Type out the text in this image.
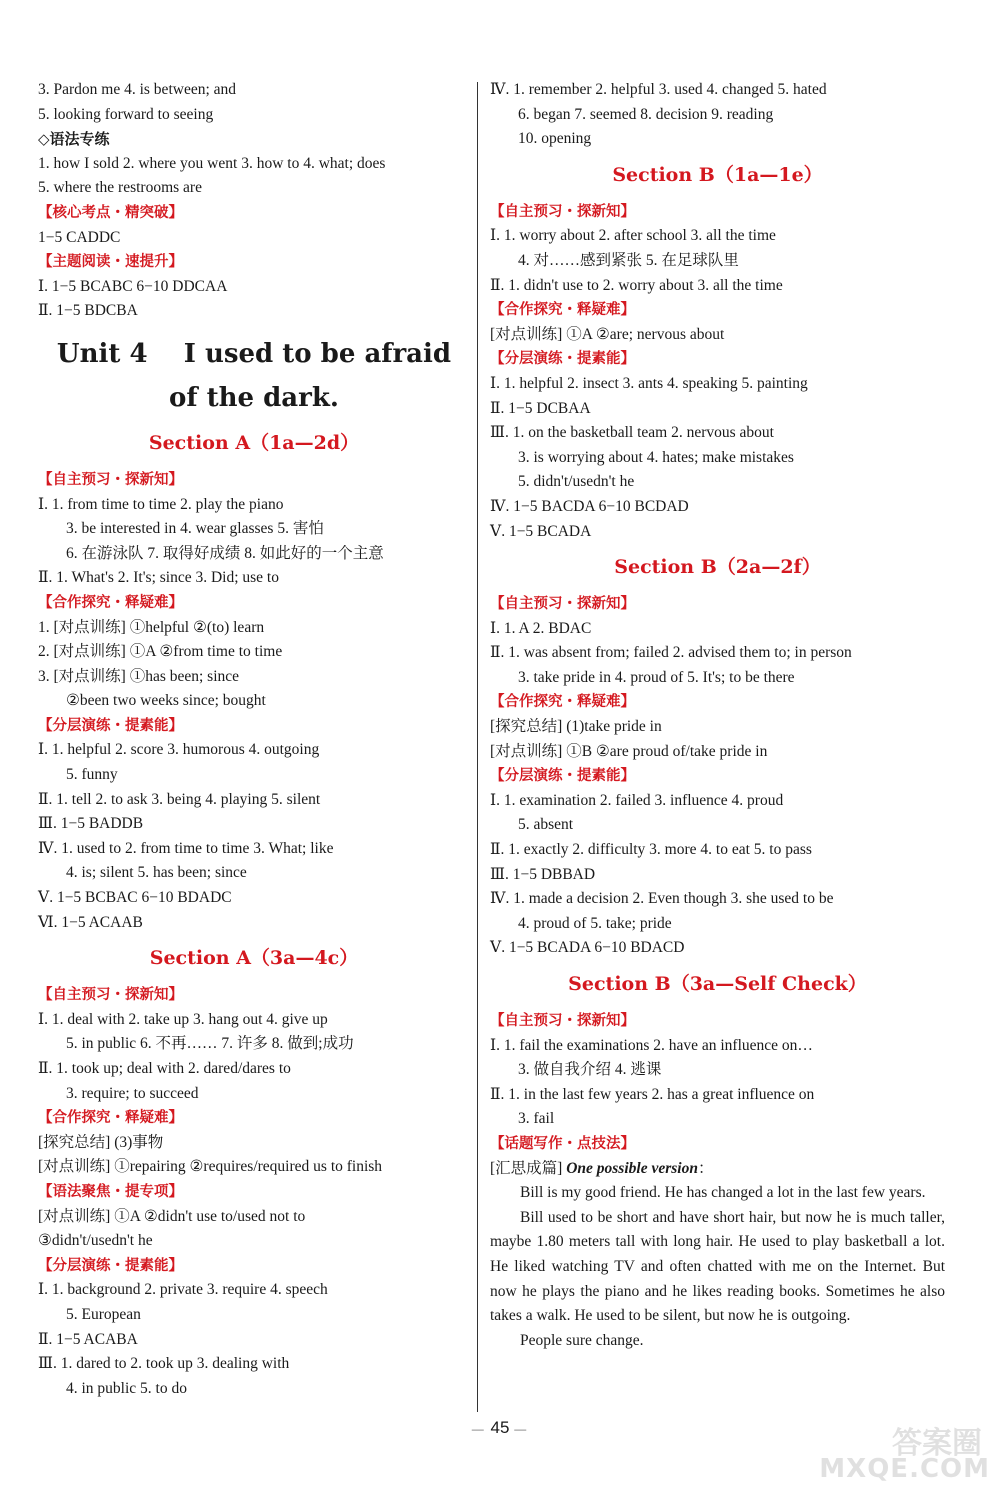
3. Pardon me 4. is between; and
5. looking forward to seeing
◇语法专练
1. how I sold 2. where you went 3. how to 4. what; does
5. where the restrooms are
【核心考点・精突破】
1−5 CADDC
【主题阅读・速提升】
Ⅰ. 1−5 BCABC 6−10 DDCAA
Ⅱ. 1−5 BDCBA
Unit 4    I used to be afraid
of the dark.
Section A（1a—2d）
【自主预习・探新知】
Ⅰ. 1. from time to time 2. play the piano
3. be interested in 4. wear glasses 5. 害怕
6. 在游泳队 7. 取得好成绩 8. 如此好的一个主意
Ⅱ. 1. What's 2. It's; since 3. Did; use to
【合作探究・释疑难】
1. [对点训练] ①helpful ②(to) learn
2. [对点训练] ①A ②from time to time
3. [对点训练] ①has been; since
②been two weeks since; bought
【分层演练・提素能】
Ⅰ. 1. helpful 2. score 3. humorous 4. outgoing
5. funny
Ⅱ. 1. tell 2. to ask 3. being 4. playing 5. silent
Ⅲ. 1−5 BADDB
Ⅳ. 1. used to 2. from time to time 3. What; like
4. is; silent 5. has been; since
Ⅴ. 1−5 BCBAC 6−10 BDADC
Ⅵ. 1−5 ACAAB
Section A（3a—4c）
【自主预习・探新知】
Ⅰ. 1. deal with 2. take up 3. hang out 4. give up
5. in public 6. 不再…… 7. 许多 8. 做到;成功
Ⅱ. 1. took up; deal with 2. dared/dares to
3. require; to succeed
【合作探究・释疑难】
[探究总结] (3)事物
[对点训练] ①repairing ②requires/required us to finish
【语法聚焦・提专项】
[对点训练] ①A ②didn't use to/used not to
③didn't/usedn't he
【分层演练・提素能】
Ⅰ. 1. background 2. private 3. require 4. speech
5. European
Ⅱ. 1−5 ACABA
Ⅲ. 1. dared to 2. took up 3. dealing with
4. in public 5. to do
Ⅳ. 1. remember 2. helpful 3. used 4. changed 5. hated
6. began 7. seemed 8. decision 9. reading
10. opening
Section B（1a—1e）
【自主预习・探新知】
Ⅰ. 1. worry about 2. after school 3. all the time
4. 对……感到紧张 5. 在足球队里
Ⅱ. 1. didn't use to 2. worry about 3. all the time
【合作探究・释疑难】
[对点训练] ①A ②are; nervous about
【分层演练・提素能】
Ⅰ. 1. helpful 2. insect 3. ants 4. speaking 5. painting
Ⅱ. 1−5 DCBAA
Ⅲ. 1. on the basketball team 2. nervous about
3. is worrying about 4. hates; make mistakes
5. didn't/usedn't he
Ⅳ. 1−5 BACDA 6−10 BCDAD
Ⅴ. 1−5 BCADA
Section B（2a—2f）
【自主预习・探新知】
Ⅰ. 1. A 2. BDAC
Ⅱ. 1. was absent from; failed 2. advised them to; in person
3. take pride in 4. proud of 5. It's; to be there
【合作探究・释疑难】
[探究总结] (1)take pride in
[对点训练] ①B ②are proud of/take pride in
【分层演练・提素能】
Ⅰ. 1. examination 2. failed 3. influence 4. proud
5. absent
Ⅱ. 1. exactly 2. difficulty 3. more 4. to eat 5. to pass
Ⅲ. 1−5 DBBAD
Ⅳ. 1. made a decision 2. Even though 3. she used to be
4. proud of 5. take; pride
Ⅴ. 1−5 BCADA 6−10 BDACD
Section B（3a—Self Check）
【自主预习・探新知】
Ⅰ. 1. fail the examinations 2. have an influence on…
3. 做自我介绍 4. 逃课
Ⅱ. 1. in the last few years 2. has a great influence on
3. fail
【话题写作・点技法】
[汇思成篇] One possible version：
Bill is my good friend. He has changed a lot in the last few years.
Bill used to be short and have short hair, but now he is much taller, maybe 1.80 meters tall with long hair. He used to play basketball a lot. He liked watching TV and often chatted with me on the Internet. But now he plays the piano and he likes reading books. Sometimes he also takes a walk. He used to be silent, but now he is outgoing.
People sure change.
— 45 —	答案圈
MXQE.COM
